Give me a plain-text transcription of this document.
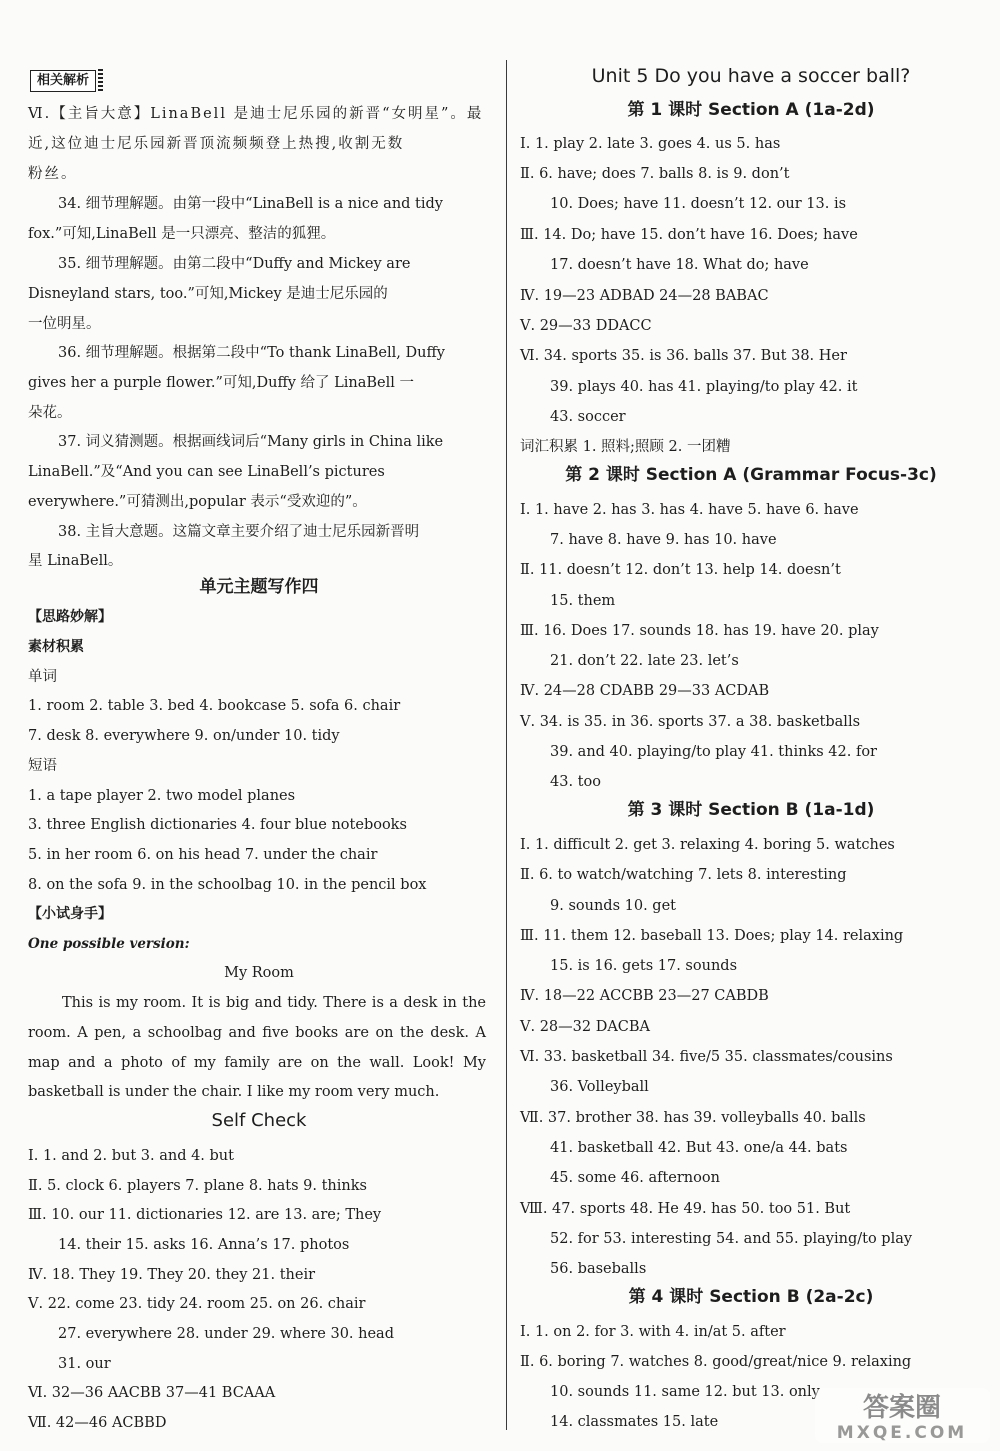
相关解析
Ⅵ.【主旨大意】LinaBell 是迪士尼乐园的新晋“女明星”。最
近,这位迪士尼乐园新晋顶流频频登上热搜,收割无数
粉丝。
34. 细节理解题。由第一段中“LinaBell is a nice and tidy
fox.”可知,LinaBell 是一只漂亮、整洁的狐狸。
35. 细节理解题。由第二段中“Duffy and Mickey are
Disneyland stars, too.”可知,Mickey 是迪士尼乐园的
一位明星。
36. 细节理解题。根据第二段中“To thank LinaBell, Duffy
gives her a purple flower.”可知,Duffy 给了 LinaBell 一
朵花。
37. 词义猜测题。根据画线词后“Many girls in China like
LinaBell.”及“And you can see LinaBell’s pictures
everywhere.”可猜测出,popular 表示“受欢迎的”。
38. 主旨大意题。这篇文章主要介绍了迪士尼乐园新晋明
星 LinaBell。
单元主题写作四
【思路妙解】
素材积累
单词
1. room 2. table 3. bed 4. bookcase 5. sofa 6. chair
7. desk 8. everywhere 9. on/under 10. tidy
短语
1. a tape player 2. two model planes
3. three English dictionaries 4. four blue notebooks
5. in her room 6. on his head 7. under the chair
8. on the sofa 9. in the schoolbag 10. in the pencil box
【小试身手】
One possible version:
My Room
This is my room. It is big and tidy. There is a desk in the
room. A pen, a schoolbag and five books are on the desk. A
map and a photo of my family are on the wall. Look! My
basketball is under the chair. I like my room very much.
Self Check
Ⅰ. 1. and 2. but 3. and 4. but
Ⅱ. 5. clock 6. players 7. plane 8. hats 9. thinks
Ⅲ. 10. our 11. dictionaries 12. are 13. are; They
14. their 15. asks 16. Anna’s 17. photos
Ⅳ. 18. They 19. They 20. they 21. their
Ⅴ. 22. come 23. tidy 24. room 25. on 26. chair
27. everywhere 28. under 29. where 30. head
31. our
Ⅵ. 32—36 AACBB 37—41 BCAAA
Ⅶ. 42—46 ACBBD
Unit 5 Do you have a soccer ball?
第 1 课时 Section A (1a-2d)
Ⅰ. 1. play 2. late 3. goes 4. us 5. has
Ⅱ. 6. have; does 7. balls 8. is 9. don’t
10. Does; have 11. doesn’t 12. our 13. is
Ⅲ. 14. Do; have 15. don’t have 16. Does; have
17. doesn’t have 18. What do; have
Ⅳ. 19—23 ADBAD 24—28 BABAC
Ⅴ. 29—33 DDACC
Ⅵ. 34. sports 35. is 36. balls 37. But 38. Her
39. plays 40. has 41. playing/to play 42. it
43. soccer
词汇积累 1. 照料;照顾 2. 一团糟
第 2 课时 Section A (Grammar Focus-3c)
Ⅰ. 1. have 2. has 3. has 4. have 5. have 6. have
7. have 8. have 9. has 10. have
Ⅱ. 11. doesn’t 12. don’t 13. help 14. doesn’t
15. them
Ⅲ. 16. Does 17. sounds 18. has 19. have 20. play
21. don’t 22. late 23. let’s
Ⅳ. 24—28 CDABB 29—33 ACDAB
Ⅴ. 34. is 35. in 36. sports 37. a 38. basketballs
39. and 40. playing/to play 41. thinks 42. for
43. too
第 3 课时 Section B (1a-1d)
Ⅰ. 1. difficult 2. get 3. relaxing 4. boring 5. watches
Ⅱ. 6. to watch/watching 7. lets 8. interesting
9. sounds 10. get
Ⅲ. 11. them 12. baseball 13. Does; play 14. relaxing
15. is 16. gets 17. sounds
Ⅳ. 18—22 ACCBB 23—27 CABDB
Ⅴ. 28—32 DACBA
Ⅵ. 33. basketball 34. five/5 35. classmates/cousins
36. Volleyball
Ⅶ. 37. brother 38. has 39. volleyballs 40. balls
41. basketball 42. But 43. one/a 44. bats
45. some 46. afternoon
Ⅷ. 47. sports 48. He 49. has 50. too 51. But
52. for 53. interesting 54. and 55. playing/to play
56. baseballs
第 4 课时 Section B (2a-2c)
Ⅰ. 1. on 2. for 3. with 4. in/at 5. after
Ⅱ. 6. boring 7. watches 8. good/great/nice 9. relaxing
10. sounds 11. same 12. but 13. only
14. classmates 15. late	答案圈
MXQE.COM
